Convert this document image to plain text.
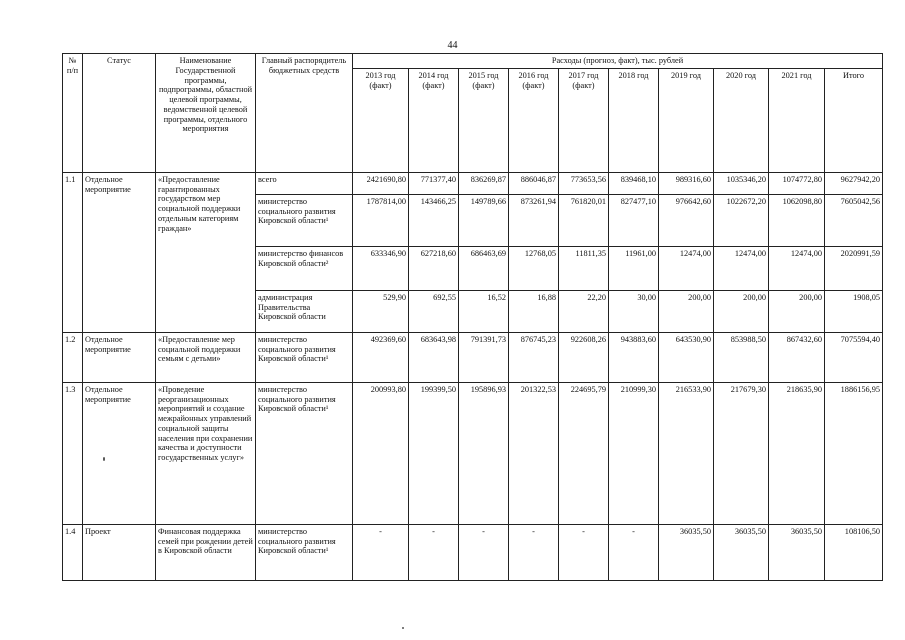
44
№ п/п	Статус	Наименование Государственной программы, подпрограммы, областной целевой программы, ведомственной целевой программы, отдельного мероприятия	Главный распорядитель бюджетных средств	Расходы (прогноз, факт), тыс. рублей									
				2013 год (факт)	2014 год (факт)	2015 год (факт)	2016 год (факт)	2017 год (факт)	2018 год	2019 год	2020 год	2021 год	Итого
1.1	Отдельное мероприятие	«Предоставление гарантированных государством мер социальной поддержки отдельным категориям граждан»	всего	2421690,80	771377,40	836269,87	886046,87	773653,56	839468,10	989316,60	1035346,20	1074772,80	9627942,20
			министерство социального развития Кировской области¹	1787814,00	143466,25	149789,66	873261,94	761820,01	827477,10	976642,60	1022672,20	1062098,80	7605042,56
			министерство финансов Кировской области²	633346,90	627218,60	686463,69	12768,05	11811,35	11961,00	12474,00	12474,00	12474,00	2020991,59
			администрация Правительства Кировской области	529,90	692,55	16,52	16,88	22,20	30,00	200,00	200,00	200,00	1908,05
1.2	Отдельное мероприятие	«Предоставление мер социальной поддержки семьям с детьми»	министерство социального развития Кировской области¹	492369,60	683643,98	791391,73	876745,23	922608,26	943883,60	643530,90	853988,50	867432,60	7075594,40
1.3	Отдельное мероприятие	«Проведение реорганизационных мероприятий и создание межрайонных управлений социальной защиты населения при сохранении качества и доступности государственных услуг»	министерство социального развития Кировской области¹	200993,80	199399,50	195896,93	201322,53	224695,79	210999,30	216533,90	217679,30	218635,90	1886156,95
1.4	Проект	Финансовая поддержка семей при рождении детей в Кировской области	министерство социального развития Кировской области¹	-	-	-	-	-	-	36035,50	36035,50	36035,50	108106,50
